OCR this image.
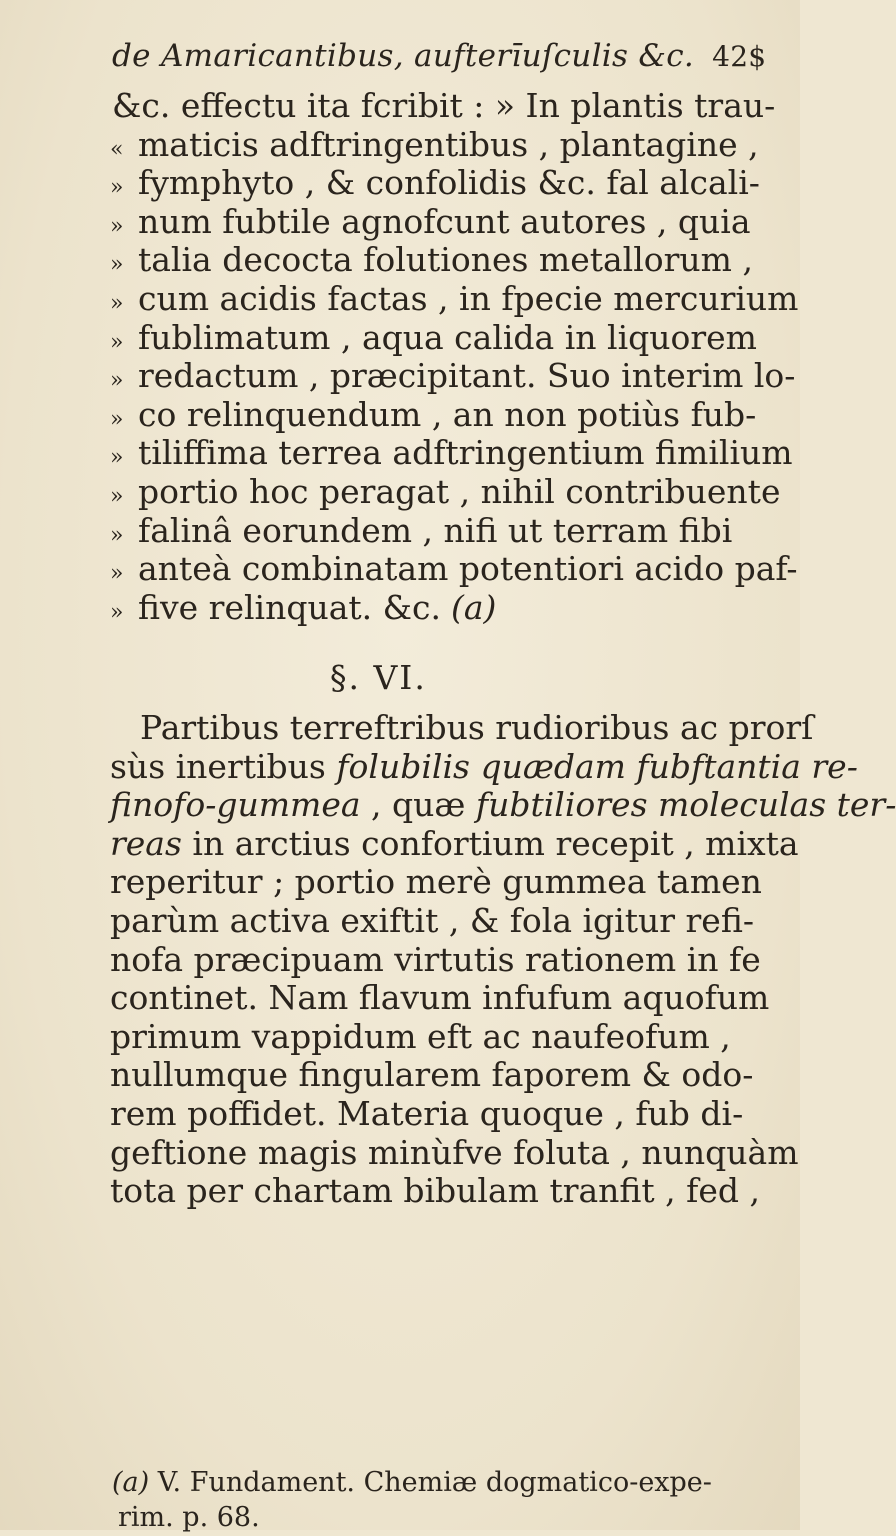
de Amaricantibus, aufterīuſculis &c. 42$
&c. effectu ita fcribit : » In plantis trau-
« maticis adftringentibus , plantagine ,
» fymphyto , & confolidis &c. fal alcali-
» num fubtile agnofcunt autores , quia
» talia decocta folutiones metallorum ,
» cum acidis factas , in fpecie mercurium
» fublimatum , aqua calida in liquorem
» redactum , præcipitant. Suo interim lo-
» co relinquendum , an non potiùs fub-
» tiliffima terrea adftringentium fimilium
» portio hoc peragat , nihil contribuente
» falinâ eorundem , nifi ut terram fibi
» anteà combinatam potentiori acido paf-
» five relinquat. &c. (a)
§. VI.
Partibus terreftribus rudioribus ac prorſ
sùs inertibus folubilis quædam fubftantia re-
finofo-gummea , quæ fubtiliores moleculas ter-
reas in arctius confortium recepit , mixta
reperitur ; portio merè gummea tamen
parùm activa exiftit , & fola igitur refi-
nofa præcipuam virtutis rationem in fe
continet. Nam flavum infufum aquofum
primum vappidum eft ac naufeofum ,
nullumque fingularem faporem & odo-
rem poffidet. Materia quoque , fub di-
geftione magis minùfve foluta , nunquàm
tota per chartam bibulam tranfit , fed ,
(a) V. Fundament. Chemiæ dogmatico-expe-
rim. p. 68.
